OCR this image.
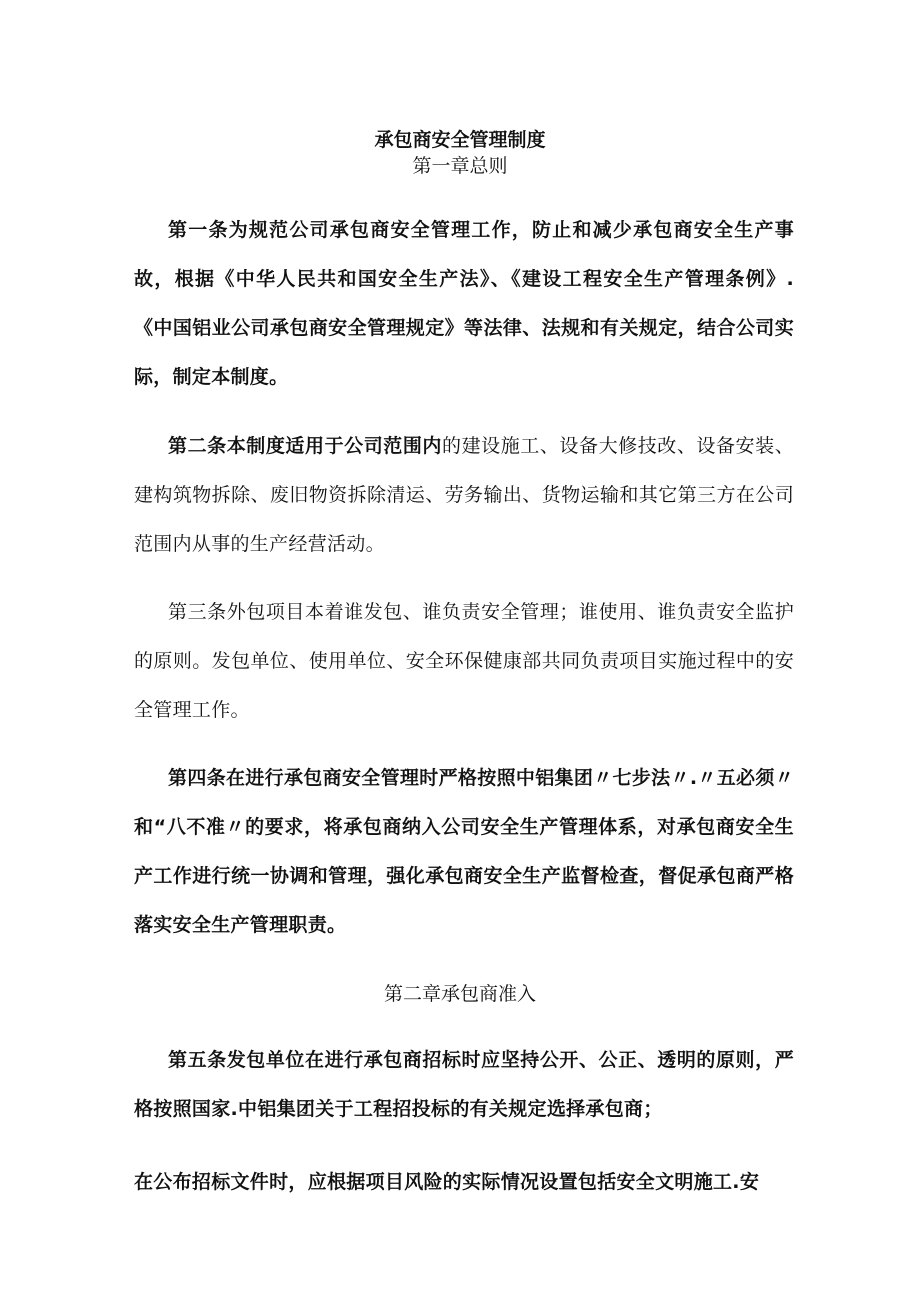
承包商安全管理制度
第一章总则

第一条为规范公司承包商安全管理工作，防止和减少承包商安全生产事故，根据《中华人民共和国安全生产法》、《建设工程安全生产管理条例》.《中国铝业公司承包商安全管理规定》等法律、法规和有关规定，结合公司实际，制定本制度。

第二条本制度适用于公司范围内的建设施工、设备大修技改、设备安装、建构筑物拆除、废旧物资拆除清运、劳务输出、货物运输和其它第三方在公司范围内从事的生产经营活动。

第三条外包项目本着谁发包、谁负责安全管理；谁使用、谁负责安全监护的原则。发包单位、使用单位、安全环保健康部共同负责项目实施过程中的安全管理工作。

第四条在进行承包商安全管理时严格按照中铝集团〃七步法〃.〃五必须〃和“八不准〃的要求，将承包商纳入公司安全生产管理体系，对承包商安全生产工作进行统一协调和管理，强化承包商安全生产监督检查，督促承包商严格落实安全生产管理职责。

第二章承包商准入

第五条发包单位在进行承包商招标时应坚持公开、公正、透明的原则，严格按照国家.中铝集团关于工程招投标的有关规定选择承包商；

在公布招标文件时，应根据项目风险的实际情况设置包括安全文明施工.安
